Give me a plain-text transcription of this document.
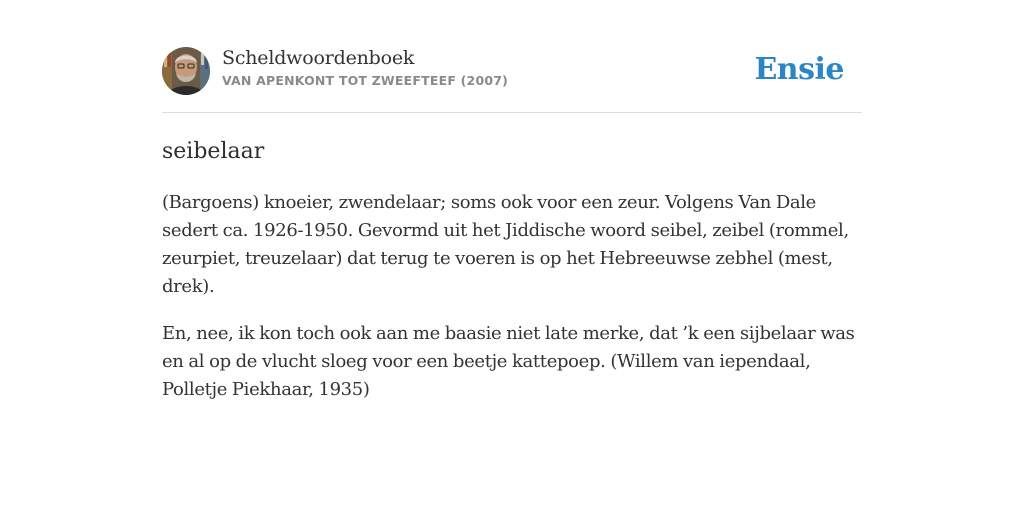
Scheldwoordenboek
VAN APENKONT TOT ZWEEFTEEF (2007)	Ensie
seibelaar

(Bargoens) knoeier, zwendelaar; soms ook voor een zeur. Volgens Van Dale sedert ca. 1926-1950. Gevormd uit het Jiddische woord seibel, zeibel (rommel, zeurpiet, treuzelaar) dat terug te voeren is op het Hebreeuwse zebhel (mest, drek).

En, nee, ik kon toch ook aan me baasie niet late merke, dat ’k een sijbelaar was en al op de vlucht sloeg voor een beetje kattepoep. (Willem van iependaal, Polletje Piekhaar, 1935)
